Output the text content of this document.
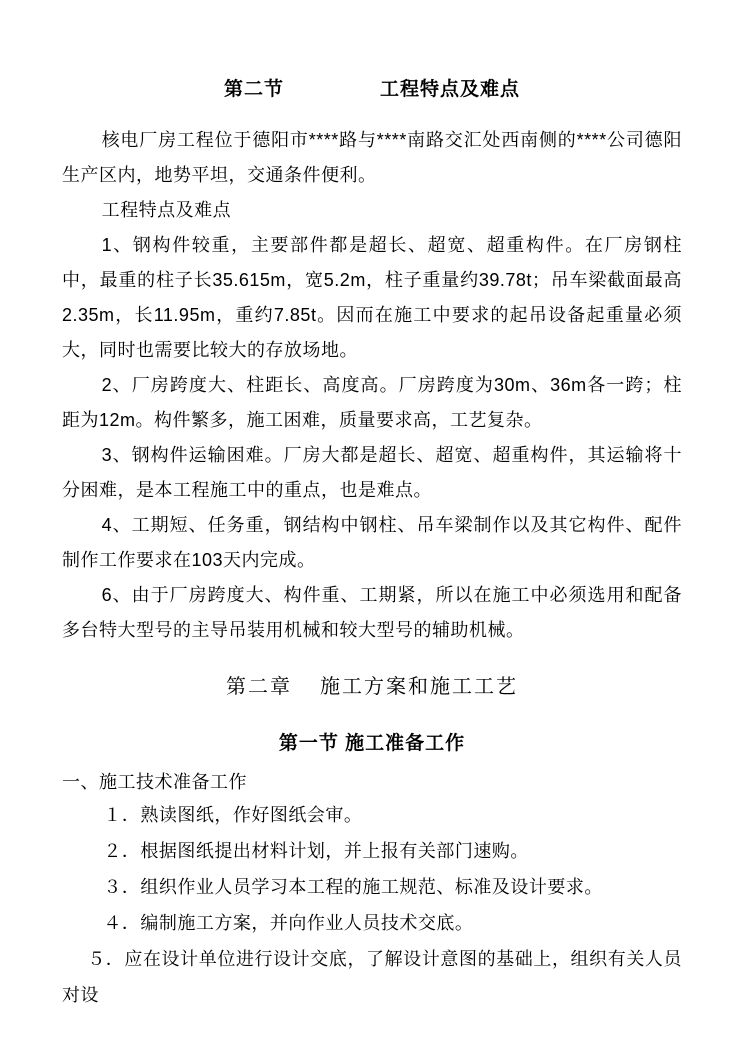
第二节	工程特点及难点

核电厂房工程位于德阳市****路与****南路交汇处西南侧的****公司德阳生产区内，地势平坦，交通条件便利。

工程特点及难点

1、钢构件较重，主要部件都是超长、超宽、超重构件。在厂房钢柱中，最重的柱子长35.615m，宽5.2m，柱子重量约39.78t；吊车梁截面最高2.35m，长11.95m，重约7.85t。因而在施工中要求的起吊设备起重量必须大，同时也需要比较大的存放场地。

2、厂房跨度大、柱距长、高度高。厂房跨度为30m、36m各一跨；柱距为12m。构件繁多，施工困难，质量要求高，工艺复杂。

3、钢构件运输困难。厂房大都是超长、超宽、超重构件，其运输将十分困难，是本工程施工中的重点，也是难点。

4、工期短、任务重，钢结构中钢柱、吊车梁制作以及其它构件、配件制作工作要求在103天内完成。

6、由于厂房跨度大、构件重、工期紧，所以在施工中必须选用和配备多台特大型号的主导吊装用机械和较大型号的辅助机械。

第二章 施工方案和施工工艺
第一节 施工准备工作

一、施工技术准备工作

１．熟读图纸，作好图纸会审。

２．根据图纸提出材料计划，并上报有关部门速购。

３．组织作业人员学习本工程的施工规范、标准及设计要求。

４．编制施工方案，并向作业人员技术交底。

５．应在设计单位进行设计交底，了解设计意图的基础上，组织有关人员对设
